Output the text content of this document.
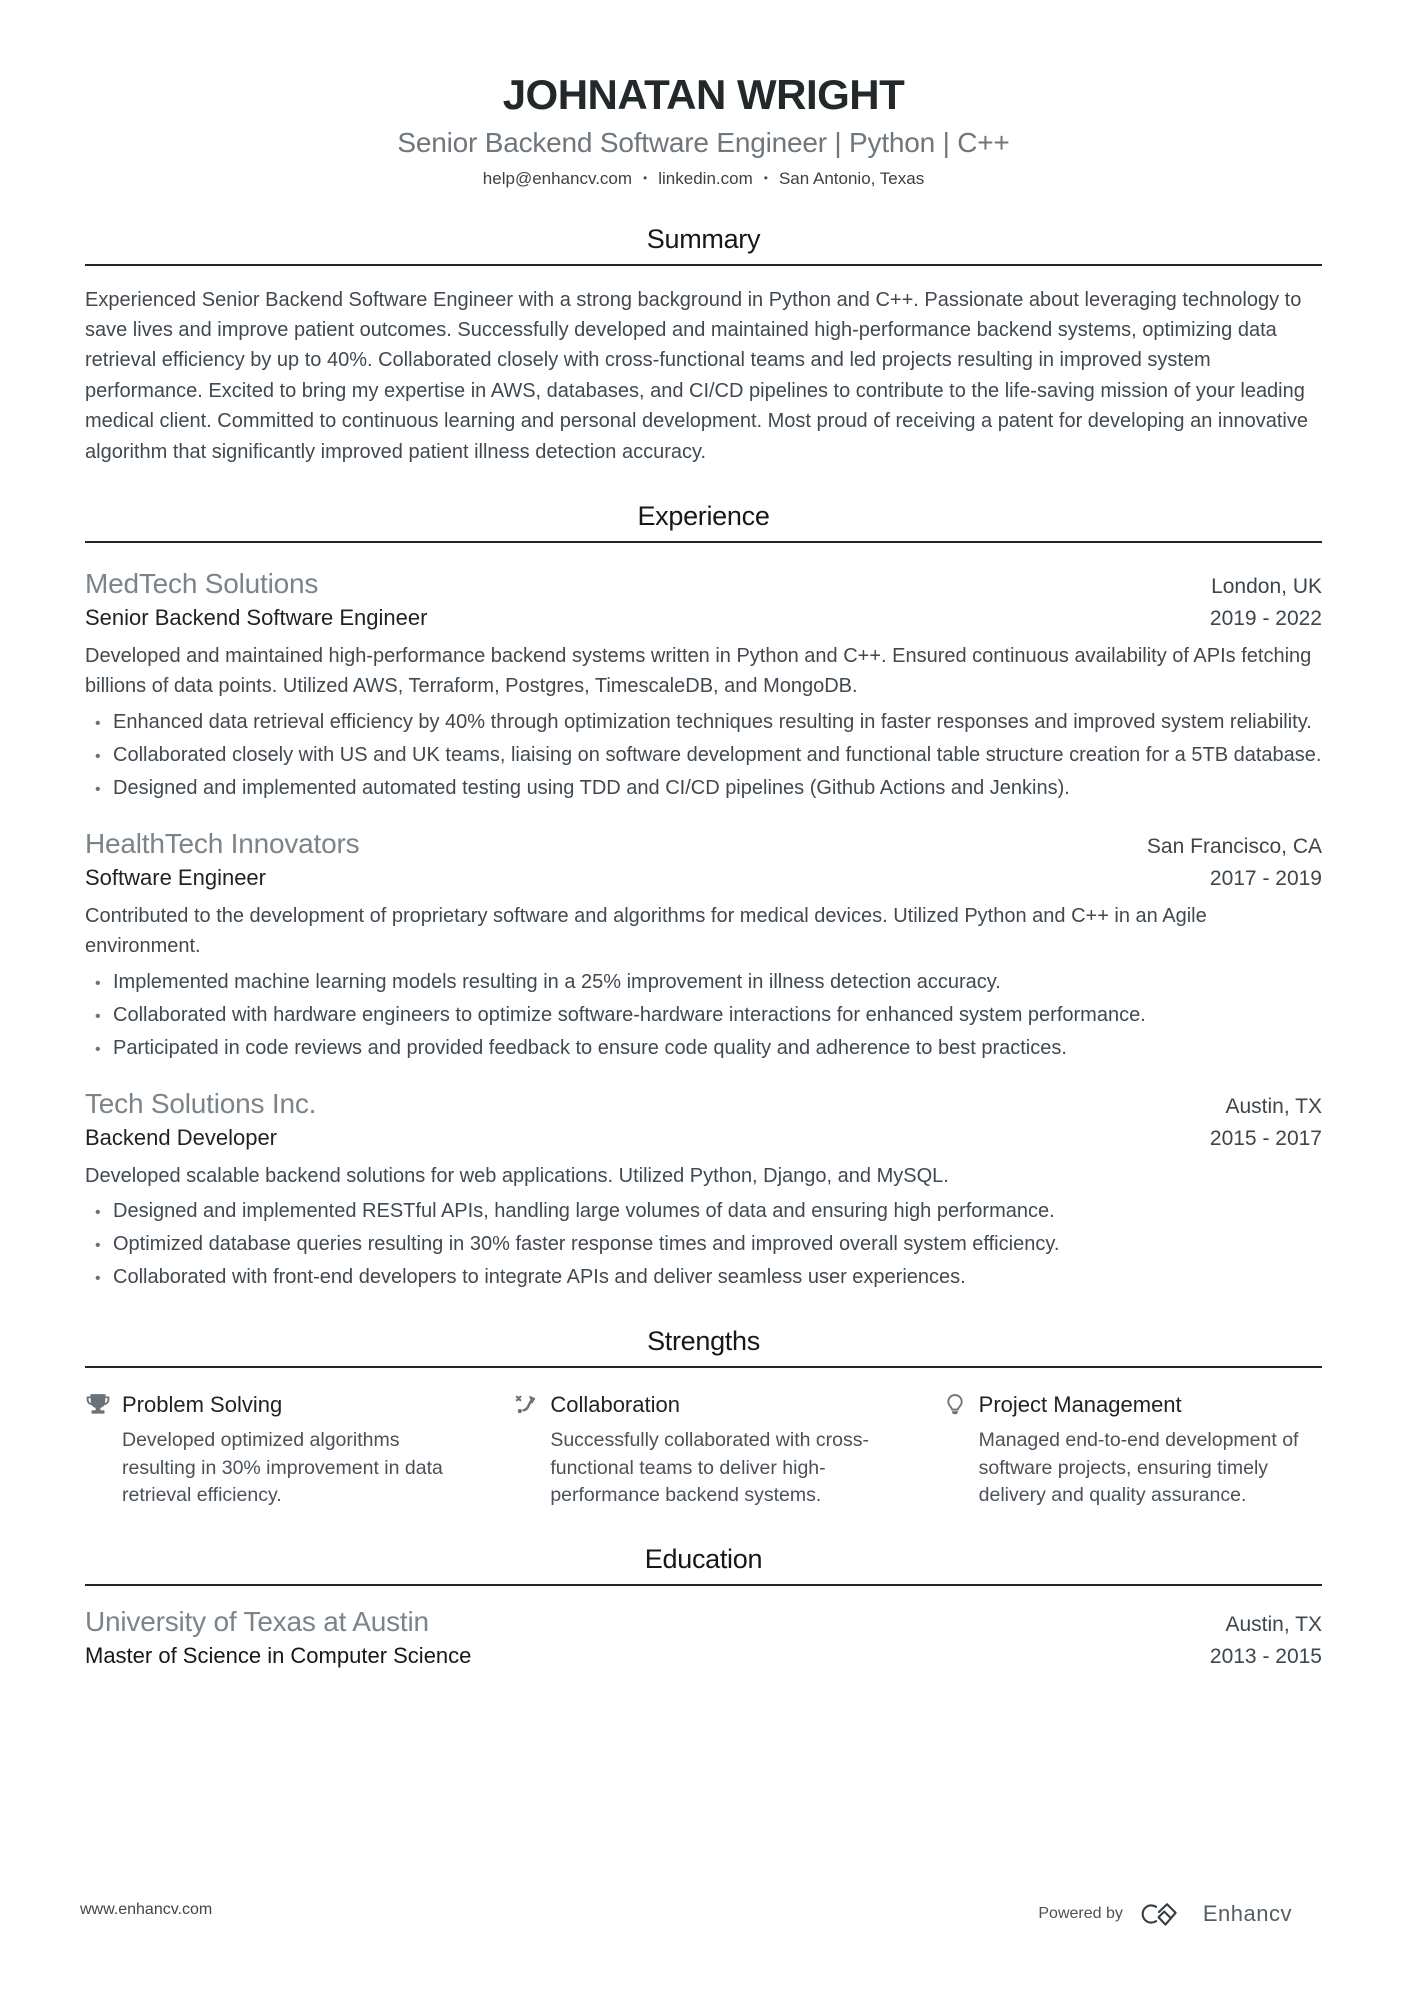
JOHNATAN WRIGHT
Senior Backend Software Engineer | Python | C++
help@enhancv.com • linkedin.com • San Antonio, Texas
Summary
Experienced Senior Backend Software Engineer with a strong background in Python and C++. Passionate about leveraging technology to save lives and improve patient outcomes. Successfully developed and maintained high-performance backend systems, optimizing data retrieval efficiency by up to 40%. Collaborated closely with cross-functional teams and led projects resulting in improved system performance. Excited to bring my expertise in AWS, databases, and CI/CD pipelines to contribute to the life-saving mission of your leading medical client. Committed to continuous learning and personal development. Most proud of receiving a patent for developing an innovative algorithm that significantly improved patient illness detection accuracy.
Experience
MedTech Solutions	London, UK
Senior Backend Software Engineer	2019 - 2022
Developed and maintained high-performance backend systems written in Python and C++. Ensured continuous availability of APIs fetching billions of data points. Utilized AWS, Terraform, Postgres, TimescaleDB, and MongoDB.
•
Enhanced data retrieval efficiency by 40% through optimization techniques resulting in faster responses and improved system reliability.
•
Collaborated closely with US and UK teams, liaising on software development and functional table structure creation for a 5TB database.
•
Designed and implemented automated testing using TDD and CI/CD pipelines (Github Actions and Jenkins).
HealthTech Innovators	San Francisco, CA
Software Engineer	2017 - 2019
Contributed to the development of proprietary software and algorithms for medical devices. Utilized Python and C++ in an Agile environment.
•
Implemented machine learning models resulting in a 25% improvement in illness detection accuracy.
•
Collaborated with hardware engineers to optimize software-hardware interactions for enhanced system performance.
•
Participated in code reviews and provided feedback to ensure code quality and adherence to best practices.
Tech Solutions Inc.	Austin, TX
Backend Developer	2015 - 2017
Developed scalable backend solutions for web applications. Utilized Python, Django, and MySQL.
•
Designed and implemented RESTful APIs, handling large volumes of data and ensuring high performance.
•
Optimized database queries resulting in 30% faster response times and improved overall system efficiency.
•
Collaborated with front-end developers to integrate APIs and deliver seamless user experiences.
Strengths
Problem Solving
Developed optimized algorithms resulting in 30% improvement in data retrieval efficiency.
Collaboration
Successfully collaborated with cross-functional teams to deliver high-performance backend systems.
Project Management
Managed end-to-end development of software projects, ensuring timely delivery and quality assurance.
Education
University of Texas at Austin	Austin, TX
Master of Science in Computer Science	2013 - 2015
www.enhancv.com	Powered by	Enhancv
